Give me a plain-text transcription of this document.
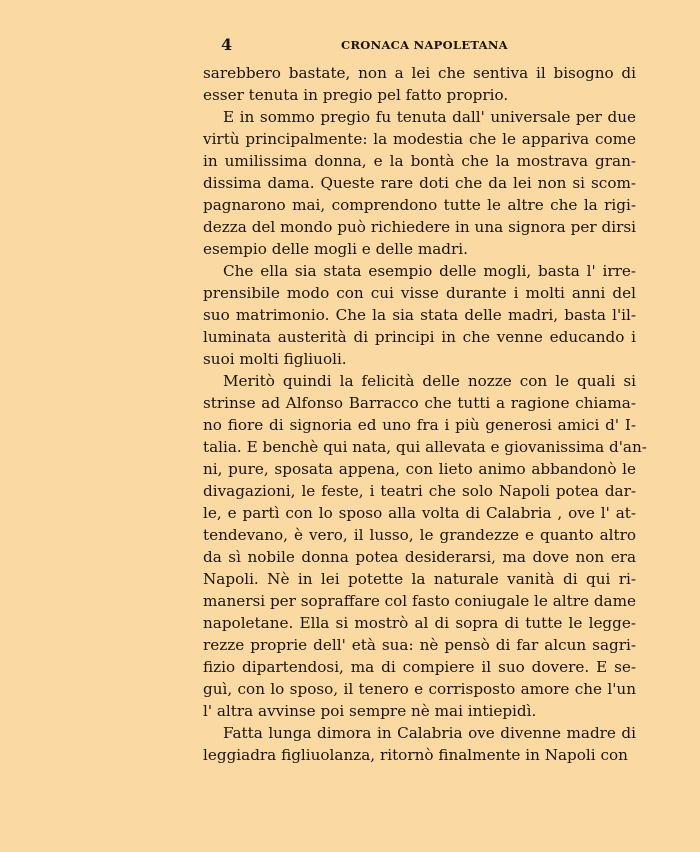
4	CRONACA NAPOLETANA

sarebbero bastate, non a lei che sentiva il bisogno di
esser tenuta in pregio pel fatto proprio.

E in sommo pregio fu tenuta dall' universale per due
virtù principalmente: la modestia che le appariva come
in umilissima donna, e la bontà che la mostrava gran-
dissima dama. Queste rare doti che da lei non si scom-
pagnarono mai, comprendono tutte le altre che la rigi-
dezza del mondo può richiedere in una signora per dirsi
esempio delle mogli e delle madri.

Che ella sia stata esempio delle mogli, basta l' irre-
prensibile modo con cui visse durante i molti anni del
suo matrimonio. Che la sia stata delle madri, basta l'il-
luminata austerità di principi in che venne educando i
suoi molti figliuoli.

Meritò quindi la felicità delle nozze con le quali si
strinse ad Alfonso Barracco che tutti a ragione chiama-
no fiore di signoria ed uno fra i più generosi amici d' I-
talia. E benchè qui nata, qui allevata e giovanissima d'an-
ni, pure, sposata appena, con lieto animo abbandonò le
divagazioni, le feste, i teatri che solo Napoli potea dar-
le, e partì con lo sposo alla volta di Calabria , ove l' at-
tendevano, è vero, il lusso, le grandezze e quanto altro
da sì nobile donna potea desiderarsi, ma dove non era
Napoli. Nè in lei potette la naturale vanità di qui ri-
manersi per sopraffare col fasto coniugale le altre dame
napoletane. Ella si mostrò al di sopra di tutte le legge-
rezze proprie dell' età sua: nè pensò di far alcun sagri-
fizio dipartendosi, ma di compiere il suo dovere. E se-
guì, con lo sposo, il tenero e corrisposto amore che l'un
l' altra avvinse poi sempre nè mai intiepidì.

Fatta lunga dimora in Calabria ove divenne madre di
leggiadra figliuolanza, ritornò finalmente in Napoli con
